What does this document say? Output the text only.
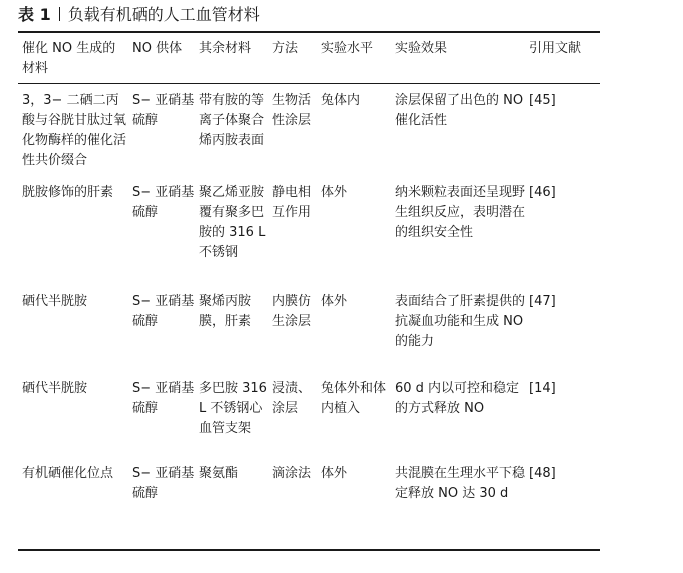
表 1 负载有机硒的人工血管材料
催化 NO 生成的材料	NO 供体	其余材料	方法	实验水平	实验效果	引用文献
3，3− 二硒二丙酸与谷胱甘肽过氧化物酶样的催化活性共价缀合	S− 亚硝基硫醇	带有胺的等离子体聚合烯丙胺表面	生物活性涂层	兔体内	涂层保留了出色的 NO 催化活性	[45]
胱胺修饰的肝素	S− 亚硝基硫醇	聚乙烯亚胺覆有聚多巴胺的 316 L 不锈钢	静电相互作用	体外	纳米颗粒表面还呈现野生组织反应，表明潜在的组织安全性	[46]
硒代半胱胺	S− 亚硝基硫醇	聚烯丙胺膜，肝素	内膜仿生涂层	体外	表面结合了肝素提供的抗凝血功能和生成 NO 的能力	[47]
硒代半胱胺	S− 亚硝基硫醇	多巴胺 316 L 不锈钢心血管支架	浸渍、涂层	兔体外和体内植入	60 d 内以可控和稳定的方式释放 NO	[14]
有机硒催化位点	S− 亚硝基硫醇	聚氨酯	滴涂法	体外	共混膜在生理水平下稳定释放 NO 达 30 d	[48]
